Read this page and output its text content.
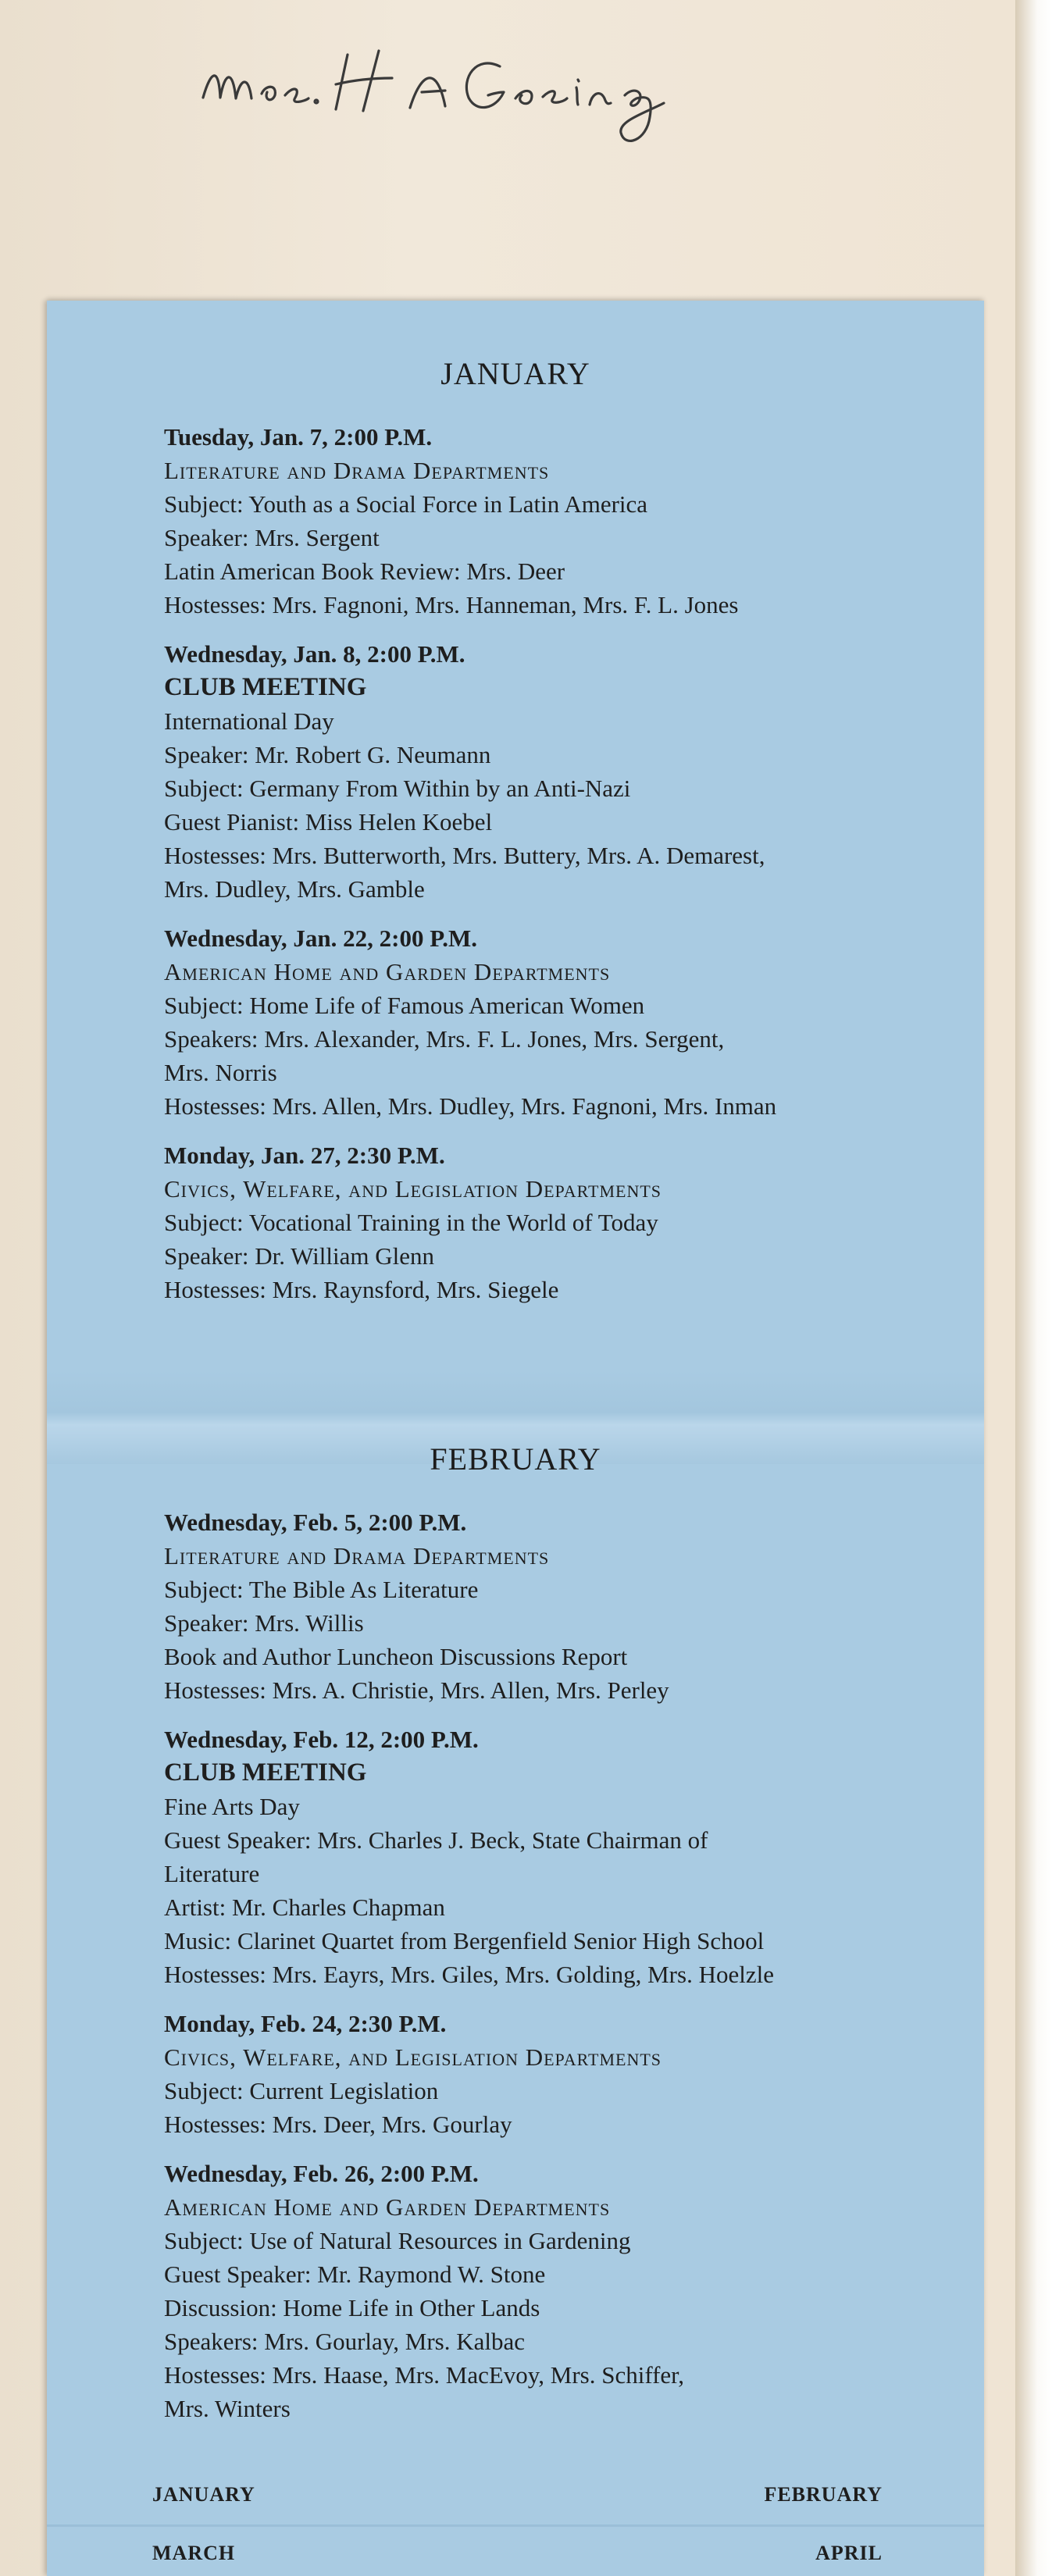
JANUARY
Tuesday, Jan. 7, 2:00 P.M.
Literature and Drama Departments
Subject: Youth as a Social Force in Latin America
Speaker: Mrs. Sergent
Latin American Book Review: Mrs. Deer
Hostesses: Mrs. Fagnoni, Mrs. Hanneman, Mrs. F. L. Jones
Wednesday, Jan. 8, 2:00 P.M.
CLUB MEETING
International Day
Speaker: Mr. Robert G. Neumann
Subject: Germany From Within by an Anti-Nazi
Guest Pianist: Miss Helen Koebel
Hostesses: Mrs. Butterworth, Mrs. Buttery, Mrs. A. Demarest,
Mrs. Dudley, Mrs. Gamble
Wednesday, Jan. 22, 2:00 P.M.
American Home and Garden Departments
Subject: Home Life of Famous American Women
Speakers: Mrs. Alexander, Mrs. F. L. Jones, Mrs. Sergent,
Mrs. Norris
Hostesses: Mrs. Allen, Mrs. Dudley, Mrs. Fagnoni, Mrs. Inman
Monday, Jan. 27, 2:30 P.M.
Civics, Welfare, and Legislation Departments
Subject: Vocational Training in the World of Today
Speaker: Dr. William Glenn
Hostesses: Mrs. Raynsford, Mrs. Siegele
FEBRUARY
Wednesday, Feb. 5, 2:00 P.M.
Literature and Drama Departments
Subject: The Bible As Literature
Speaker: Mrs. Willis
Book and Author Luncheon Discussions Report
Hostesses: Mrs. A. Christie, Mrs. Allen, Mrs. Perley
Wednesday, Feb. 12, 2:00 P.M.
CLUB MEETING
Fine Arts Day
Guest Speaker: Mrs. Charles J. Beck, State Chairman of
Literature
Artist: Mr. Charles Chapman
Music: Clarinet Quartet from Bergenfield Senior High School
Hostesses: Mrs. Eayrs, Mrs. Giles, Mrs. Golding, Mrs. Hoelzle
Monday, Feb. 24, 2:30 P.M.
Civics, Welfare, and Legislation Departments
Subject: Current Legislation
Hostesses: Mrs. Deer, Mrs. Gourlay
Wednesday, Feb. 26, 2:00 P.M.
American Home and Garden Departments
Subject: Use of Natural Resources in Gardening
Guest Speaker: Mr. Raymond W. Stone
Discussion: Home Life in Other Lands
Speakers: Mrs. Gourlay, Mrs. Kalbac
Hostesses: Mrs. Haase, Mrs. MacEvoy, Mrs. Schiffer,
Mrs. Winters
JANUARY	FEBRUARY
MARCH	APRIL
